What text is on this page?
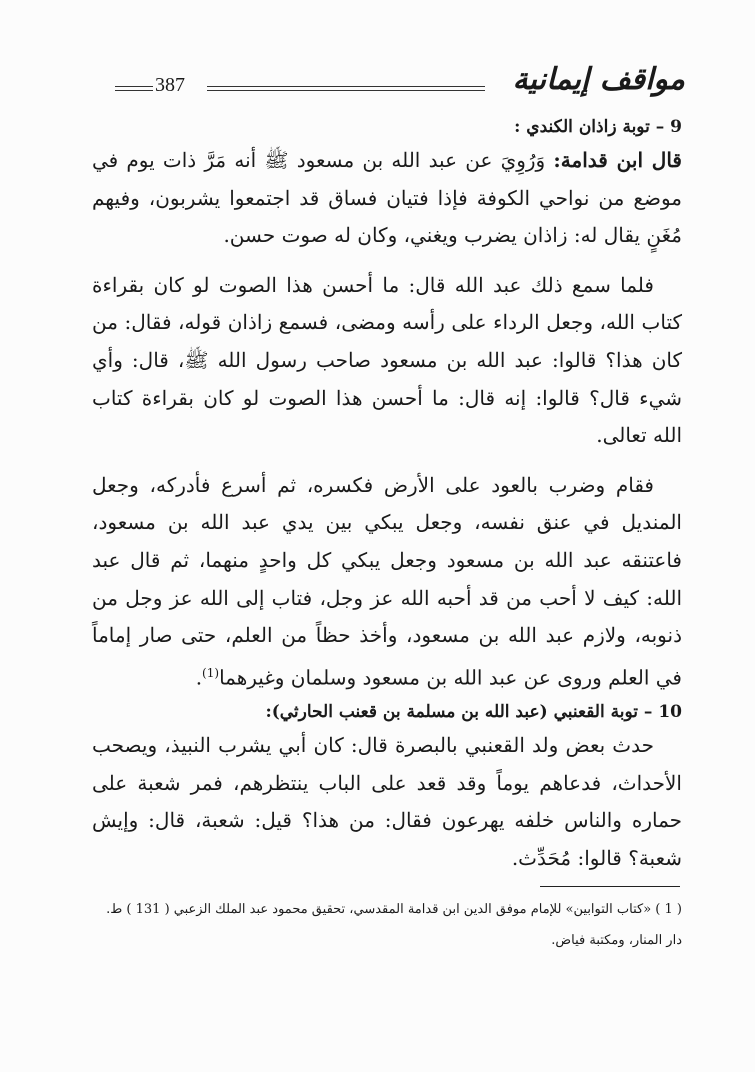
387	مواقف إيمانية

9 – توبة زاذان الكندي :

قال ابن قدامة: وَرُوِيَ عن عبد الله بن مسعود ﷺ أنه مَرَّ ذات يوم في موضع من نواحي الكوفة فإذا فتيان فساق قد اجتمعوا يشربون، وفيهم مُغَنٍ يقال له: زاذان يضرب ويغني، وكان له صوت حسن.

فلما سمع ذلك عبد الله قال: ما أحسن هذا الصوت لو كان بقراءة كتاب الله، وجعل الرداء على رأسه ومضى، فسمع زاذان قوله، فقال: من كان هذا؟ قالوا: عبد الله بن مسعود صاحب رسول الله ﷺ، قال: وأي شيء قال؟ قالوا: إنه قال: ما أحسن هذا الصوت لو كان بقراءة كتاب الله تعالى.

فقام وضرب بالعود على الأرض فكسره، ثم أسرع فأدركه، وجعل المنديل في عنق نفسه، وجعل يبكي بين يدي عبد الله بن مسعود، فاعتنقه عبد الله بن مسعود وجعل يبكي كل واحدٍ منهما، ثم قال عبد الله: كيف لا أحب من قد أحبه الله عز وجل، فتاب إلى الله عز وجل من ذنوبه، ولازم عبد الله بن مسعود، وأخذ حظاً من العلم، حتى صار إماماً في العلم وروى عن عبد الله بن مسعود وسلمان وغيرهما$^{(1)}$.

10 – توبة القعنبي (عبد الله بن مسلمة بن قعنب الحارثي):

حدث بعض ولد القعنبي بالبصرة قال: كان أبي يشرب النبيذ، ويصحب الأحداث، فدعاهم يوماً وقد قعد على الباب ينتظرهم، فمر شعبة على حماره والناس خلفه يهرعون فقال: من هذا؟ قيل: شعبة، قال: وإيش شعبة؟ قالوا: مُحَدِّث.

( 1 ) «كتاب التوابين» للإمام موفق الدين ابن قدامة المقدسي، تحقيق محمود عبد الملك الزعبي ( 131 ) ط.
دار المنار، ومكتبة فياض.
